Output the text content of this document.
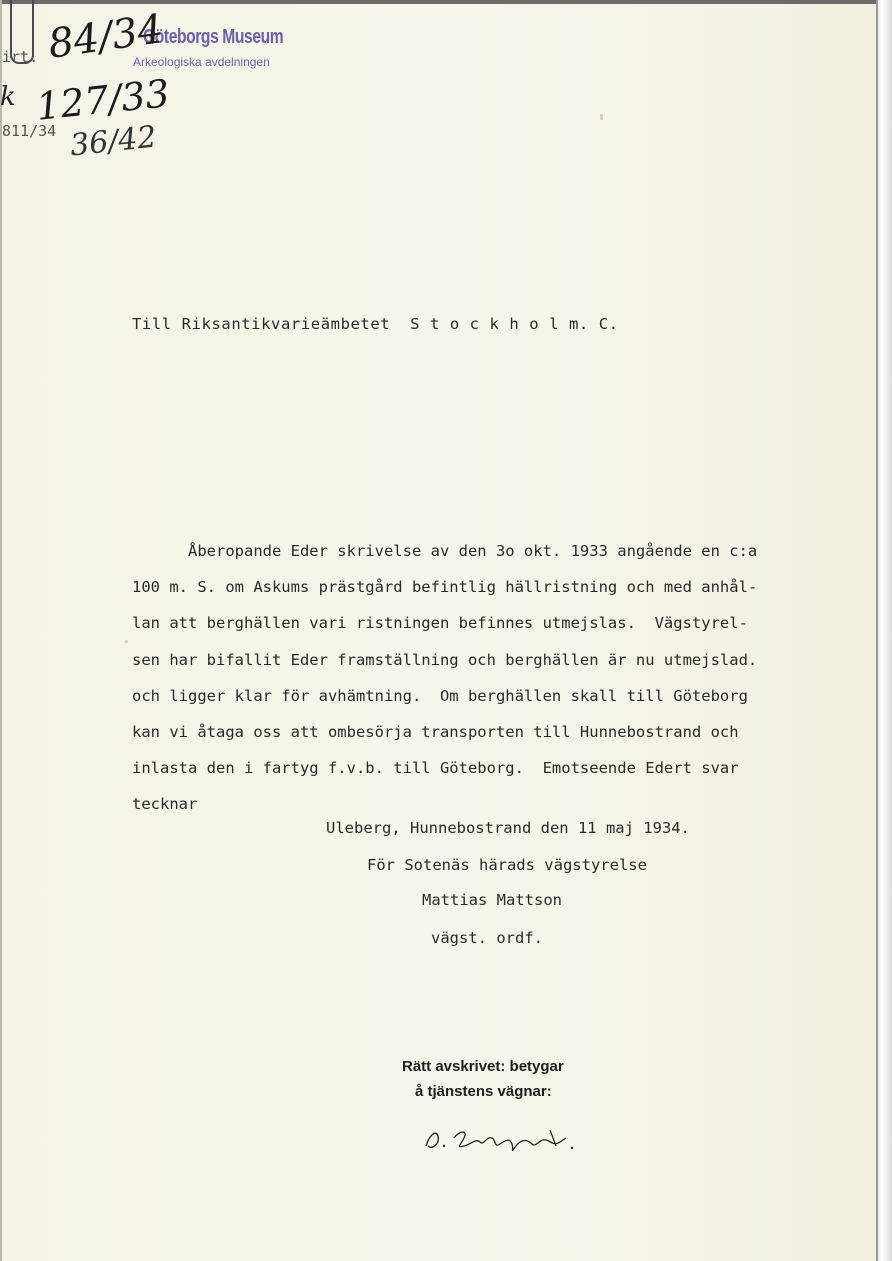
Göteborgs Museum
Arkeologiska avdelningen
84/34
127/33
36/42
irt.
811/34
k
Till Riksantikvarieämbetet  S t o c k h o l m. C.
Åberopande Eder skrivelse av den 3o okt. 1933 angående en c:a
100 m. S. om Askums prästgård befintlig hällristning och med anhål-
lan att berghällen vari ristningen befinnes utmejslas.  Vägstyrel-
sen har bifallit Eder framställning och berghällen är nu utmejslad.
och ligger klar för avhämtning.  Om berghällen skall till Göteborg
kan vi åtaga oss att ombesörja transporten till Hunnebostrand och
inlasta den i fartyg f.v.b. till Göteborg.  Emotseende Edert svar
tecknar
Uleberg, Hunnebostrand den 11 maj 1934.
För Sotenäs härads vägstyrelse
Mattias Mattson
vägst. ordf.
Rätt avskrivet: betygar
å tjänstens vägnar:
